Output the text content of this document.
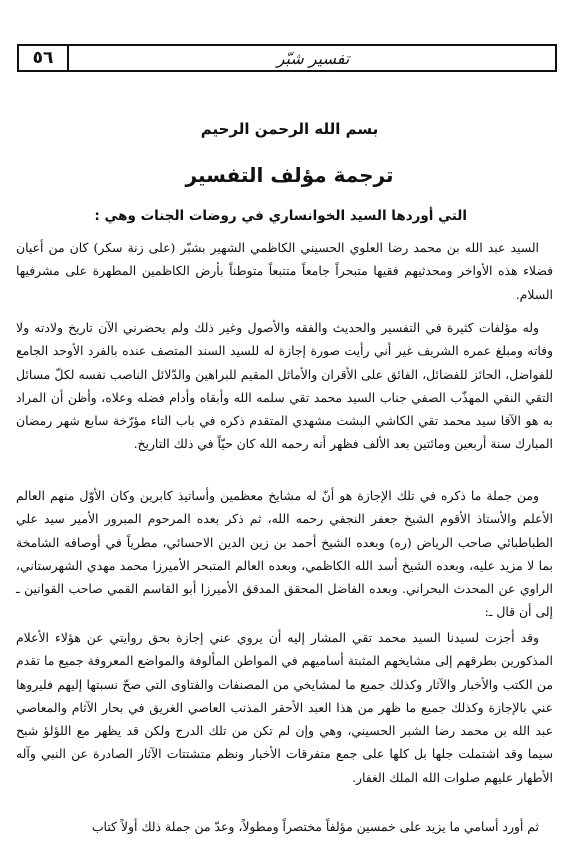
٥٦	تفسير شبّر
بسم الله الرحمن الرحيم
ترجمة مؤلف التفسير
التي أوردها السيد الخوانساري في روضات الجنات وهي :
السيد عبد الله بن محمد رضا العلوي الحسيني الكاظمي الشهير بشبّر (على زنة سكر) كان من أعيان فضلاء هذه الأواخر ومحدثيهم فقيها متبحراً جامعاً متتبعاً متوطناً بأرض الكاظمين المطهرة على مشرفيها السلام.
وله مؤلفات كثيرة في التفسير والحديث والفقه والأصول وغير ذلك ولم يحضرني الآن تاريخ ولادته ولا وفاته ومبلغ عمره الشريف غير أني رأيت صورة إجازة له للسيد السند المتصف عنده بالفرد الأوحد الجامع للفواضل، الحائز للفضائل، الفائق على الأقران والأماثل المقيم للبراهين والدّلائل الناصب نفسه لكلّ مسائل التقي النقي المهذّب الصفي جناب السيد محمد تقي سلمه الله وأبقاه وأدام فضله وعلاه، وأظن أن المراد به هو الآقا سيد محمد تقي الكاشي البشت مشهدي المتقدم ذكره في باب التاء مؤرّخة سابع شهر رمضان المبارك سنة أربعين ومائتين بعد الألف فظهر أنه رحمه الله كان حيّاً في ذلك التاريخ.
ومن جملة ما ذكره في تلك الإجازة هو أنّ له مشايخ معظمين وأساتيذ كابرين وكان الأوّل منهم العالم الأعلم والأستاذ الأقوم الشيخ جعفر النجفي رحمه الله، ثم ذكر بعده المرحوم المبرور الأمير سيد علي الطباطبائي صاحب الرياض (ره) وبعده الشيخ أحمد بن زين الدين الاحسائي، مطرياً في أوصافه الشامخة بما لا مزيد عليه، وبعده الشيخ أسد الله الكاظمي، وبعده العالم المتبحر الأميرزا محمد مهدي الشهرستاني، الراوي عن المحدث البحراني. وبعده الفاضل المحقق المدقق الأميرزا أبو القاسم القمي صاحب القوانين ـ إلى أن قال ـ:
وقد أجزت لسيدنا السيد محمد تقي المشار إليه أن يروي عني إجازة بحق روايتي عن هؤلاء الأعلام المذكورين بطرقهم إلى مشايخهم المثبتة أساميهم في المواطن المألوفة والمواضع المعروفة جميع ما تقدم من الكتب والأخبار والآثار وكذلك جميع ما لمشايخي من المصنفات والفتاوى التي صحّ نسبتها إليهم فليروها عني بالإجازة وكذلك جميع ما ظهر من هذا العبد الأحقر المذنب العاصي الغريق في بحار الآثام والمعاصي عبد الله بن محمد رضا الشبر الحسيني، وهي وإن لم تكن من تلك الدرج ولكن قد يظهر مع اللؤلؤ شبح سيما وقد اشتملت جلها بل كلها على جمع متفرقات الأخبار ونظم متشتتات الآثار الصادرة عن النبي وآله الأطهار عليهم صلوات الله الملك الغفار.
ثم أورد أسامي ما يزيد على خمسين مؤلفاً مختصراً ومطولاً، وعدّ من جملة ذلك أولاً كتاب
